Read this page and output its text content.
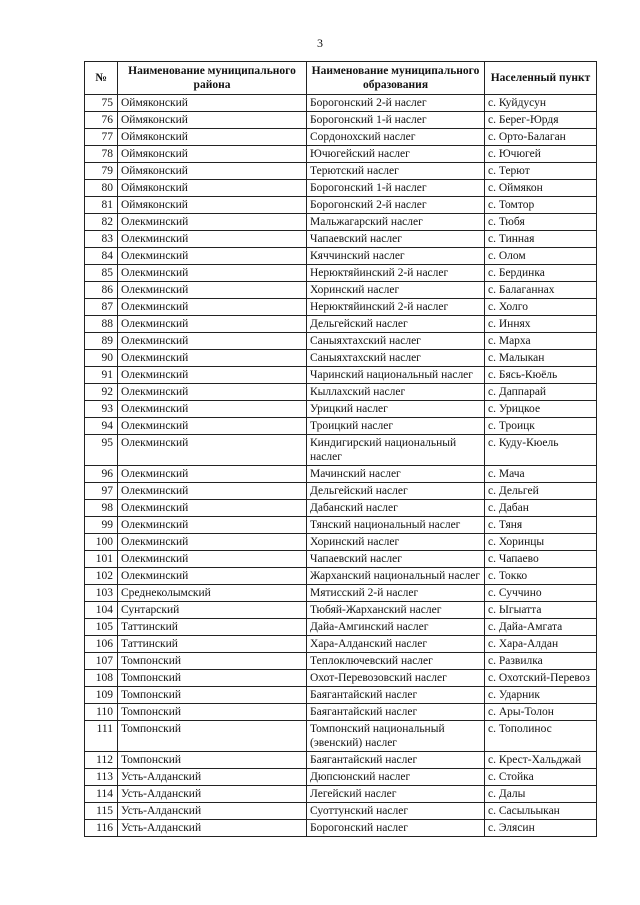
3
№	Наименование муниципального района	Наименование муниципального образования	Населенный пункт
75	Оймяконский	Борогонский 2-й наслег	с. Куйдусун
76	Оймяконский	Борогонский 1-й наслег	с. Берег-Юрдя
77	Оймяконский	Сордонохский наслег	с. Орто-Балаган
78	Оймяконский	Ючюгейский наслег	с. Ючюгей
79	Оймяконский	Терютский наслег	с. Терют
80	Оймяконский	Борогонский 1-й наслег	с. Оймякон
81	Оймяконский	Борогонский 2-й наслег	с. Томтор
82	Олекминский	Мальжагарский наслег	с. Тюбя
83	Олекминский	Чапаевский наслег	с. Тинная
84	Олекминский	Кяччинский наслег	с. Олом
85	Олекминский	Нерюктяйинский 2-й наслег	с. Бердинка
86	Олекминский	Хоринский наслег	с. Балаганнах
87	Олекминский	Нерюктяйинский 2-й наслег	с. Холго
88	Олекминский	Дельгейский наслег	с. Иннях
89	Олекминский	Саныяхтахский наслег	с. Марха
90	Олекминский	Саныяхтахский наслег	с. Малыкан
91	Олекминский	Чаринский национальный наслег	с. Бясь-Кюёль
92	Олекминский	Кыллахский наслег	с. Даппарай
93	Олекминский	Урицкий наслег	с. Урицкое
94	Олекминский	Троицкий наслег	с. Троицк
95	Олекминский	Киндигирский национальный наслег	с. Куду-Кюель
96	Олекминский	Мачинский наслег	с. Мача
97	Олекминский	Дельгейский наслег	с. Дельгей
98	Олекминский	Дабанский наслег	с. Дабан
99	Олекминский	Тянский национальный наслег	с. Тяня
100	Олекминский	Хоринский наслег	с. Хоринцы
101	Олекминский	Чапаевский наслег	с. Чапаево
102	Олекминский	Жарханский национальный наслег	с. Токко
103	Среднеколымский	Мятисский 2-й наслег	с. Суччино
104	Сунтарский	Тюбяй-Жарханский наслег	с. Ыгыатта
105	Таттинский	Дайа-Амгинский наслег	с. Дайа-Амгата
106	Таттинский	Хара-Алданский наслег	с. Хара-Алдан
107	Томпонский	Теплоключевский наслег	с. Развилка
108	Томпонский	Охот-Перевозовский наслег	с. Охотский-Перевоз
109	Томпонский	Баягантайский наслег	с. Ударник
110	Томпонский	Баягантайский наслег	с. Ары-Толон
111	Томпонский	Томпонский национальный (эвенский) наслег	с. Тополинос
112	Томпонский	Баягантайский наслег	с. Крест-Хальджай
113	Усть-Алданский	Дюпсюнский наслег	с. Стойка
114	Усть-Алданский	Легейский наслег	с. Далы
115	Усть-Алданский	Суоттунский наслег	с. Сасыльыкан
116	Усть-Алданский	Борогонский наслег	с. Элясин
